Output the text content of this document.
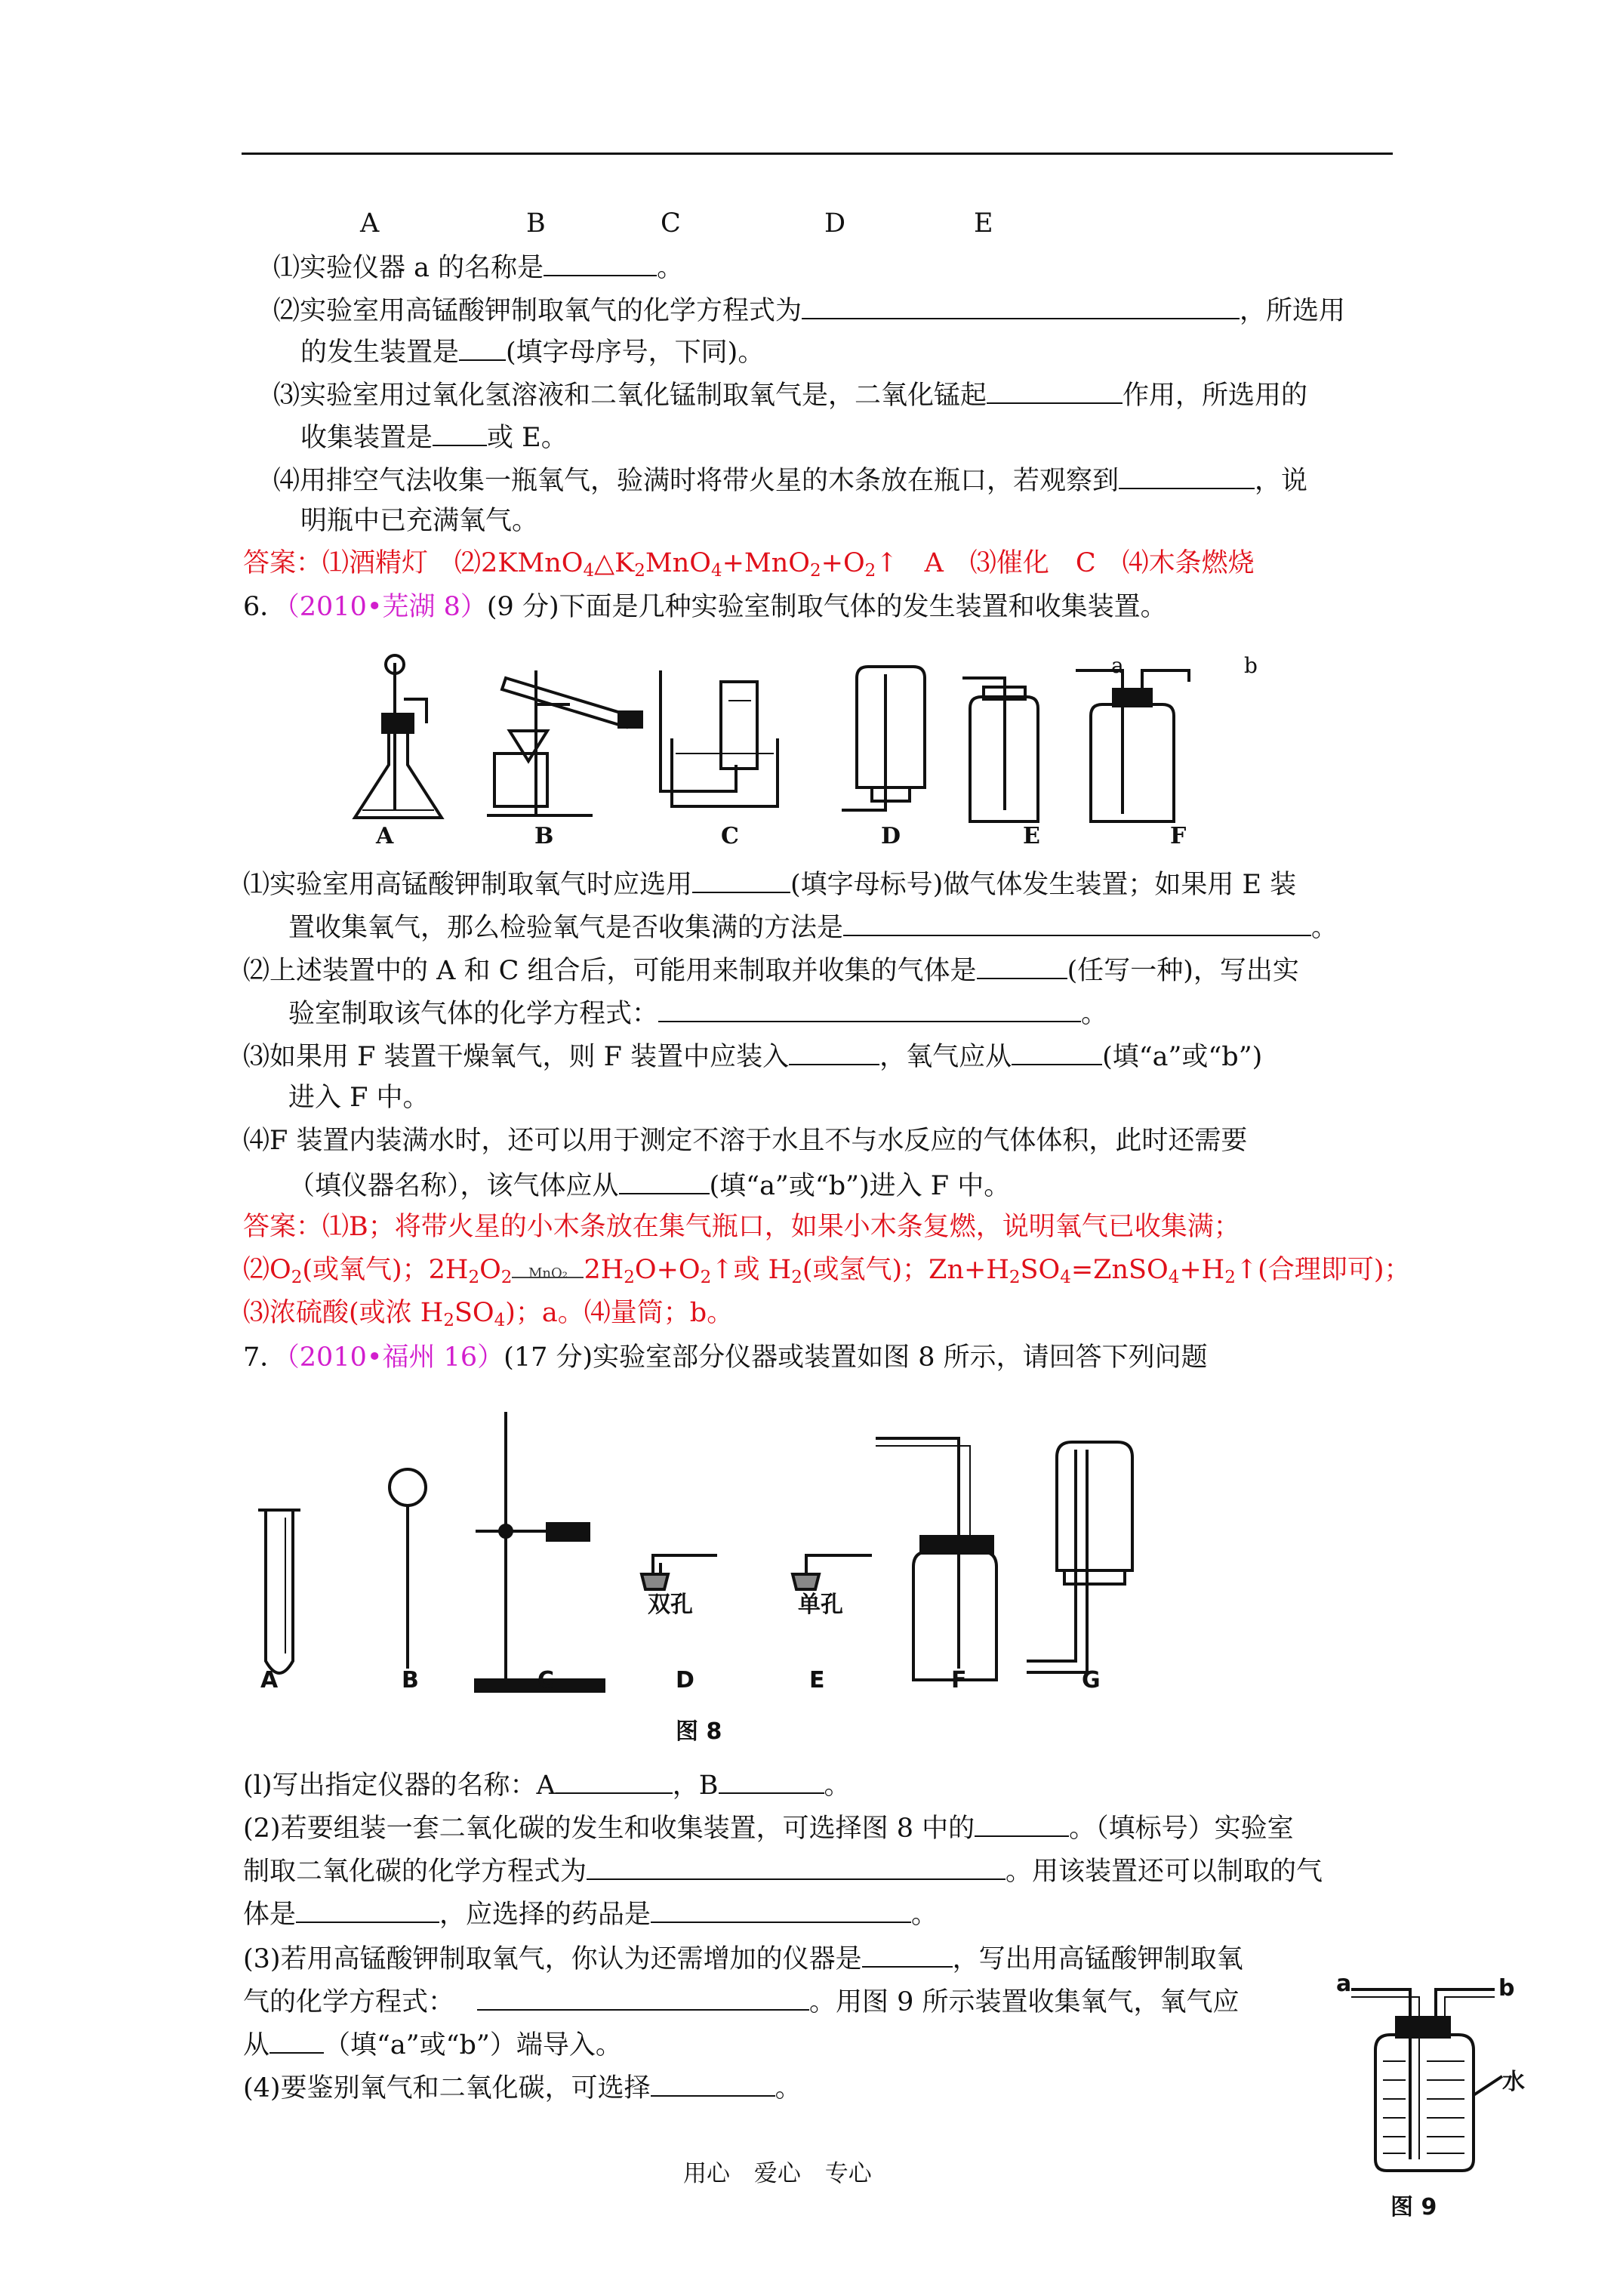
A	B	C	D	E
⑴实验仪器 a 的名称是	。
⑵实验室用高锰酸钾制取氧气的化学方程式为	，所选用
的发生装置是 (填字母序号，下同)。
⑶实验室用过氧化氢溶液和二氧化锰制取氧气是，二氧化锰起	作用，所选用的
收集装置是 或 E。
⑷用排空气法收集一瓶氧气，验满时将带火星的木条放在瓶口，若观察到	，说
明瓶中已充满氧气。
答案：⑴酒精灯　$⑵2KMnO_4\triangle K_2MnO_4+MnO_2+O_2↑$　A　⑶催化　C　⑷木条燃烧
6．（2010•芜湖 8）(9 分)下面是几种实验室制取气体的发生装置和收集装置。
A	B	C	D	E	F
a	b
⑴实验室用高锰酸钾制取氧气时应选用	(填字母标号)做气体发生装置；如果用 E 装
置收集氧气，那么检验氧气是否收集满的方法是	。
⑵上述装置中的 A 和 C 组合后，可能用来制取并收集的气体是	(任写一种)，写出实
验室制取该气体的化学方程式：	。
⑶如果用 F 装置干燥氧气，则 F 装置中应装入	，氧气应从	(填“a”或“b”)
进入 F 中。
⑷F 装置内装满水时，还可以用于测定不溶于水且不与水反应的气体体积，此时还需要
（填仪器名称），该气体应从	(填“a”或“b”)进入 F 中。
答案：⑴B；将带火星的小木条放在集气瓶口，如果小木条复燃，说明氧气已收集满；
$⑵O_2$(或氧气)；$2H_2O_2$	MnO₂ $2H_2O+O_2↑$或 $H_2$(或氢气)；$Zn+H_2SO_4=ZnSO_4+H_2↑$(合理即可)；
⑶浓硫酸(或浓 $H_2SO_4$)；a。⑷量筒；b。
7．（2010•福州 16）(17 分)实验室部分仪器或装置如图 8 所示，请回答下列问题
双孔	单孔
A	B	C	D	E	F	G
图 8
(l)写出指定仪器的名称：A	，B	。
(2)若要组装一套二氧化碳的发生和收集装置，可选择图 8 中的	。（填标号）实验室
制取二氧化碳的化学方程式为	。用该装置还可以制取的气
体是	，应选择的药品是	。
(3)若用高锰酸钾制取氧气，你认为还需增加的仪器是	，写出用高锰酸钾制取氧
气的化学方程式：	。用图 9 所示装置收集氧气，氧气应
从 （填“a”或“b”）端导入。
(4)要鉴别氧气和二氧化碳，可选择	。
a	b
水
图 9
用心 爱心 专心
